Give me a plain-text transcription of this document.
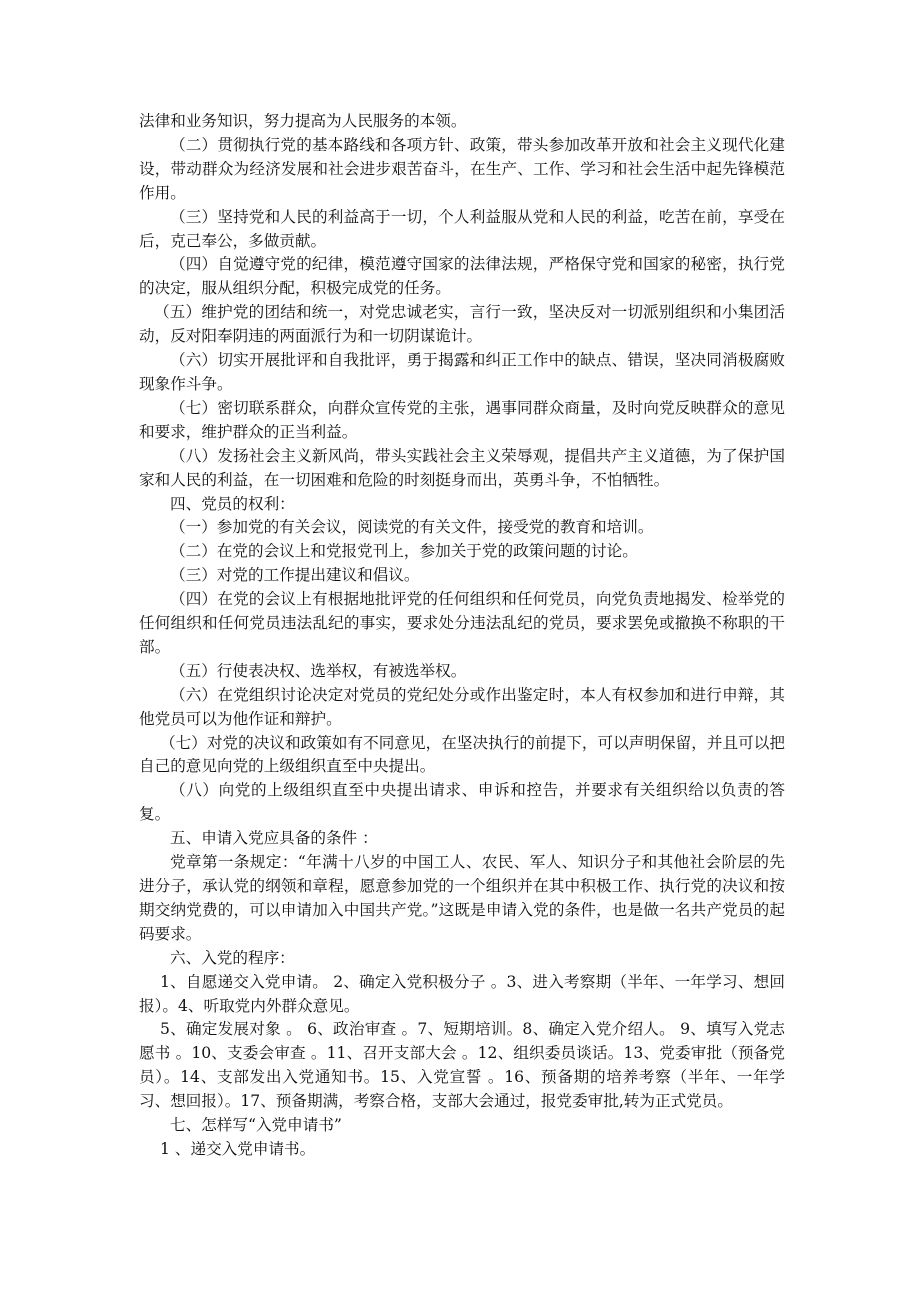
法律和业务知识，努力提高为人民服务的本领。

（二）贯彻执行党的基本路线和各项方针、政策，带头参加改革开放和社会主义现代化建设，带动群众为经济发展和社会进步艰苦奋斗，在生产、工作、学习和社会生活中起先锋模范作用。

（三）坚持党和人民的利益高于一切，个人利益服从党和人民的利益，吃苦在前，享受在后，克己奉公，多做贡献。

（四）自觉遵守党的纪律，模范遵守国家的法律法规，严格保守党和国家的秘密，执行党的决定，服从组织分配，积极完成党的任务。

（五）维护党的团结和统一，对党忠诚老实，言行一致，坚决反对一切派别组织和小集团活动，反对阳奉阴违的两面派行为和一切阴谋诡计。

（六）切实开展批评和自我批评，勇于揭露和纠正工作中的缺点、错误，坚决同消极腐败现象作斗争。

（七）密切联系群众，向群众宣传党的主张，遇事同群众商量，及时向党反映群众的意见和要求，维护群众的正当利益。

（八）发扬社会主义新风尚，带头实践社会主义荣辱观，提倡共产主义道德，为了保护国家和人民的利益，在一切困难和危险的时刻挺身而出，英勇斗争，不怕牺牲。

四、党员的权利：

（一）参加党的有关会议，阅读党的有关文件，接受党的教育和培训。

（二）在党的会议上和党报党刊上，参加关于党的政策问题的讨论。

（三）对党的工作提出建议和倡议。

（四）在党的会议上有根据地批评党的任何组织和任何党员，向党负责地揭发、检举党的任何组织和任何党员违法乱纪的事实，要求处分违法乱纪的党员，要求罢免或撤换不称职的干部。

（五）行使表决权、选举权，有被选举权。

（六）在党组织讨论决定对党员的党纪处分或作出鉴定时，本人有权参加和进行申辩，其他党员可以为他作证和辩护。

（七）对党的决议和政策如有不同意见，在坚决执行的前提下，可以声明保留，并且可以把自己的意见向党的上级组织直至中央提出。

（八）向党的上级组织直至中央提出请求、申诉和控告，并要求有关组织给以负责的答复。

五、申请入党应具备的条件 ：

党章第一条规定：“年满十八岁的中国工人、农民、军人、知识分子和其他社会阶层的先进分子，承认党的纲领和章程，愿意参加党的一个组织并在其中积极工作、执行党的决议和按期交纳党费的，可以申请加入中国共产党。”这既是申请入党的条件，也是做一名共产党员的起码要求。

六、入党的程序：

1、自愿递交入党申请。 2、确定入党积极分子 。3、进入考察期（半年、一年学习、想回报）。4、听取党内外群众意见。

5、确定发展对象 。 6、政治审查 。7、短期培训。8、确定入党介绍人。 9、填写入党志愿书 。10、支委会审查 。11、召开支部大会 。12、组织委员谈话。13、党委审批（预备党员）。14、支部发出入党通知书。15、入党宣誓 。16、预备期的培养考察（半年、一年学习、想回报）。17、预备期满，考察合格，支部大会通过，报党委审批,转为正式党员。

七、怎样写“入党申请书”

1 、递交入党申请书。
